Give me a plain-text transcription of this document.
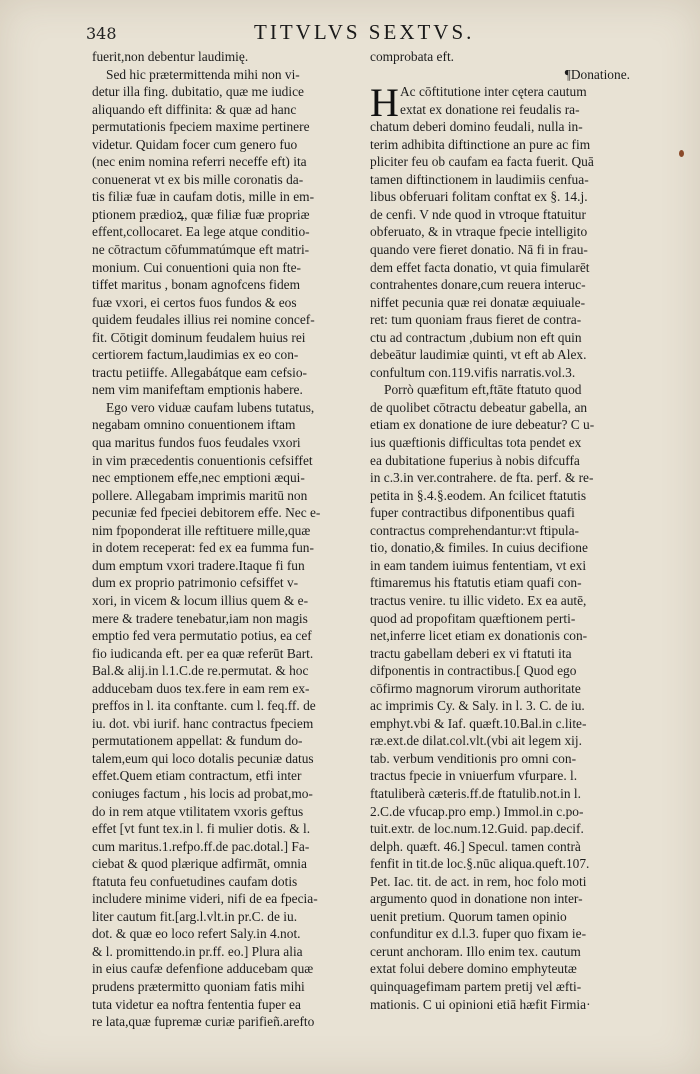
348	TITVLVS SEXTVS.
fuerit,non debentur laudimię.
Sed hic prætermittenda mihi non vi-
detur illa fing. dubitatio, quæ me iudice
aliquando eft diffinita: & quæ ad hanc
permutationis fpeciem maxime pertinere
videtur. Quidam focer cum genero fuo
(nec enim nomina referri neceffe eft) ita
conuenerat vt ex bis mille coronatis da-
tis filiæ fuæ in caufam dotis, mille in em-
ptionem prædioꝝ, quæ filiæ fuæ propriæ
effent,collocaret. Ea lege atque conditio-
ne cōtractum cōfummatúmque eft matri-
monium. Cui conuentioni quia non fte-
tiffet maritus , bonam agnofcens fidem
fuæ vxori, ei certos fuos fundos & eos
quidem feudales illius rei nomine concef-
fit. Cōtigit dominum feudalem huius rei
certiorem factum,laudimias ex eo con-
tractu petiiffe. Allegabátque eam cefsio-
nem vim manifeftam emptionis habere.
Ego vero viduæ caufam lubens tutatus,
negabam omnino conuentionem iftam
qua maritus fundos fuos feudales vxori
in vim præcedentis conuentionis cefsiffet
nec emptionem effe,nec emptioni æqui-
pollere. Allegabam imprimis maritū non
pecuniæ fed fpeciei debitorem effe. Nec e-
nim fpoponderat ille reftituere mille,quæ
in dotem receperat: fed ex ea fumma fun-
dum emptum vxori tradere.Itaque fi fun
dum ex proprio patrimonio cefsiffet v-
xori, in vicem & locum illius quem & e-
mere & tradere tenebatur,iam non magis
emptio fed vera permutatio potius, ea cef
fio iudicanda eft. per ea quæ referūt Bart.
Bal.& alij.in l.1.C.de re.permutat. & hoc
adducebam duos tex.fere in eam rem ex-
preffos in l. ita conftante. cum l. feq.ff. de
iu. dot. vbi iurif. hanc contractus fpeciem
permutationem appellat: & fundum do-
talem,eum qui loco dotalis pecuniæ datus
effet.Quem etiam contractum, etfi inter
coniuges factum , his locis ad probat,mo-
do in rem atque vtilitatem vxoris geftus
effet [vt funt tex.in l. fi mulier dotis. & l.
cum maritus.1.refpo.ff.de pac.dotal.] Fa-
ciebat & quod plærique adfirmāt, omnia
ftatuta feu confuetudines caufam dotis
includere minime videri, nifi de ea fpecia-
liter cautum fit.[arg.l.vlt.in pr.C. de iu.
dot. & quæ eo loco refert Saly.in 4.not.
& l. promittendo.in pr.ff. eo.] Plura alia
in eius caufæ defenfione adducebam quæ
prudens prætermitto quoniam fatis mihi
tuta videtur ea noftra fententia fuper ea
re lata,quæ fupremæ curiæ parifieñ.arefto
comprobata eft.
¶Donatione.
H Ac cōftitutione inter cętera cautum
extat ex donatione rei feudalis ra-
chatum deberi domino feudali, nulla in-
terim adhibita diftinctione an pure ac fim
pliciter feu ob caufam ea facta fuerit. Quā
tamen diftinctionem in laudimiis cenfua-
libus obferuari folitam conftat ex §. 14.j.
de cenfi. V nde quod in vtroque ftatuitur
obferuato, & in vtraque fpecie intelligito
quando vere fieret donatio. Nā fi in frau-
dem effet facta donatio, vt quia fimularēt
contrahentes donare,cum reuera interuc-
niffet pecunia quæ rei donatæ æquiuale-
ret: tum quoniam fraus fieret de contra-
ctu ad contractum ,dubium non eft quin
debeātur laudimiæ quinti, vt eft ab Alex.
confultum con.119.vifis narratis.vol.3.
Porrò quæfitum eft,ftāte ftatuto quod
de quolibet cōtractu debeatur gabella, an
etiam ex donatione de iure debeatur? C u-
ius quæftionis difficultas tota pendet ex
ea dubitatione fuperius à nobis difcuffa
in c.3.in ver.contrahere. de fta. perf. & re-
petita in §.4.§.eodem. An fcilicet ftatutis
fuper contractibus difponentibus quafi
contractus comprehendantur:vt ftipula-
tio, donatio,& fimiles. In cuius decifione
in eam tandem iuimus fententiam, vt exi
ftimaremus his ftatutis etiam quafi con-
tractus venire. tu illic videto. Ex ea autē,
quod ad propofitam quæftionem perti-
net,inferre licet etiam ex donationis con-
tractu gabellam deberi ex vi ftatuti ita
difponentis in contractibus.[ Quod ego
cōfirmo magnorum virorum authoritate
ac imprimis Cy. & Saly. in l. 3. C. de iu.
emphyt.vbi & Iaf. quæft.10.Bal.in c.lite-
ræ.ext.de dilat.col.vlt.(vbi ait legem xij.
tab. verbum venditionis pro omni con-
tractus fpecie in vniuerfum vfurpare. l.
ftatuliberà cæteris.ff.de ftatulib.not.in l.
2.C.de vfucap.pro emp.) Immol.in c.po-
tuit.extr. de loc.num.12.Guid. pap.decif.
delph. quæft. 46.] Specul. tamen contrà
fenfit in tit.de loc.§.nūc aliqua.queft.107.
Pet. Iac. tit. de act. in rem, hoc folo moti
argumento quod in donatione non inter-
uenit pretium. Quorum tamen opinio
confunditur ex d.l.3. fuper quo fixam ie-
cerunt anchoram. Illo enim tex. cautum
extat folui debere domino emphyteutæ
quinquagefimam partem pretij vel æfti-
mationis. C ui opinioni etiā hæfit Firmia·
